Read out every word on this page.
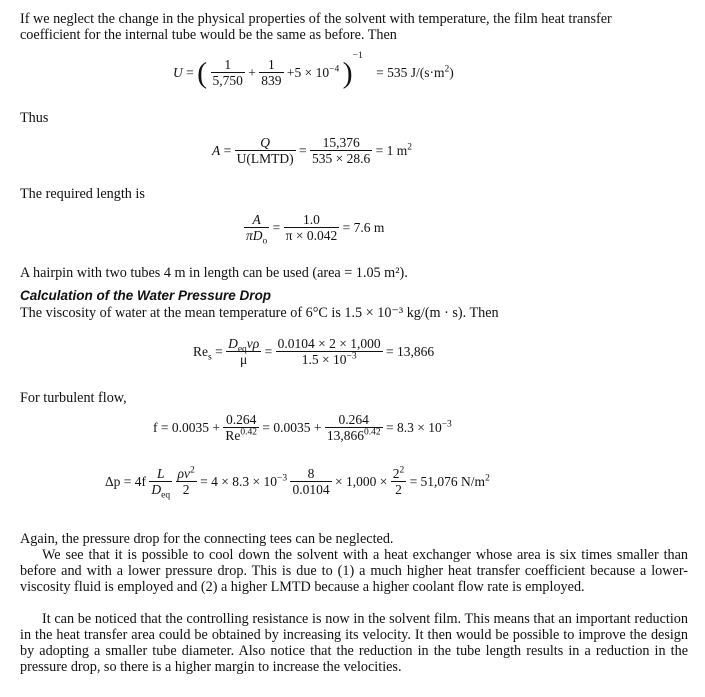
If we neglect the change in the physical properties of the solvent with temperature, the film heat transfer
coefficient for the internal tube would be the same as before. Then
U = ( $\frac{1}{5,750} + \frac{1}{839} +5 \times 10^{-4}$ )$^{-1}$ = 535 $J/(s\cdot m^2)$
Thus
$A = \frac{Q}{\text{U(LMTD)}} = \frac{15,376}{535 \times 28.6} = 1$ $m^2$
The required length is
$\frac{A}{\pi D_o} = \frac{1.0}{\pi \times 0.042} = 7.6$ m
A hairpin with two tubes 4 m in length can be used (area = 1.05 m²).
Calculation of the Water Pressure Drop
The viscosity of water at the mean temperature of 6°C is 1.5 × 10⁻³ kg/(m · s). Then
$Re_s = \frac{D_{eq}v\rho}{\mu} = \frac{0.0104 \times 2 \times 1,000}{1.5 \times 10^{-3}} = 13,866$
For turbulent flow,
$f = 0.0035 + \frac{0.264}{Re^{0.42}} = 0.0035 + \frac{0.264}{13,866^{0.42}} = 8.3 \times 10^{-3}$
$\Delta p = 4f \frac{L}{D_{eq}}$
$\frac{\rho v^2}{2} = 4 \times 8.3 \times 10^{-3} \frac{8}{0.0104} \times 1,000 \times \frac{2^2}{2} = 51,076$ $N/m^2$
Again, the pressure drop for the connecting tees can be neglected.
We see that it is possible to cool down the solvent with a heat exchanger whose area is six times smaller than before and with a lower pressure drop. This is due to (1) a much higher heat transfer coefficient because a lower-viscosity fluid is employed and (2) a higher LMTD because a higher coolant flow rate is employed.
It can be noticed that the controlling resistance is now in the solvent film. This means that an important reduction in the heat transfer area could be obtained by increasing its velocity. It then would be possible to improve the design by adopting a smaller tube diameter. Also notice that the reduction in the tube length results in a reduction in the pressure drop, so there is a higher margin to increase the velocities.
